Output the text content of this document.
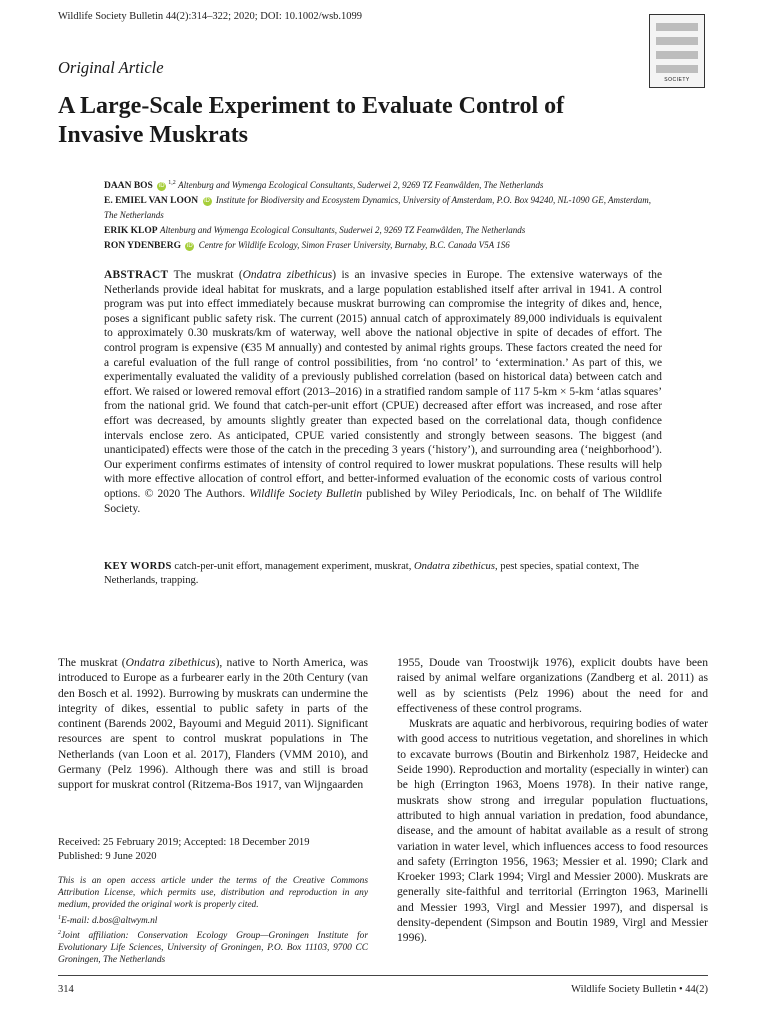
Wildlife Society Bulletin 44(2):314–322; 2020; DOI: 10.1002/wsb.1099
SOCIETY
Original Article
A Large-Scale Experiment to Evaluate Control of Invasive Muskrats

DAAN BOS iD$^{1,2}$ Altenburg and Wymenga Ecological Consultants, Suderwei 2, 9269 TZ Feanwâlden, The Netherlands

E. EMIEL VAN LOON iD Institute for Biodiversity and Ecosystem Dynamics, University of Amsterdam, P.O. Box 94240, NL-1090 GE, Amsterdam, The Netherlands

ERIK KLOP Altenburg and Wymenga Ecological Consultants, Suderwei 2, 9269 TZ Feanwâlden, The Netherlands

RON YDENBERG iD Centre for Wildlife Ecology, Simon Fraser University, Burnaby, B.C. Canada V5A 1S6

ABSTRACT The muskrat (Ondatra zibethicus) is an invasive species in Europe. The extensive waterways of the Netherlands provide ideal habitat for muskrats, and a large population established itself after arrival in 1941. A control program was put into effect immediately because muskrat burrowing can compromise the integrity of dikes and, hence, poses a significant public safety risk. The current (2015) annual catch of approximately 89,000 individuals is equivalent to approximately 0.30 muskrats/km of waterway, well above the national objective in spite of decades of effort. The control program is expensive (€35 M annually) and contested by animal rights groups. These factors created the need for a careful evaluation of the full range of control possibilities, from ‘no control’ to ‘extermination.’ As part of this, we experimentally evaluated the validity of a previously published correlation (based on historical data) between catch and effort. We raised or lowered removal effort (2013–2016) in a stratified random sample of 117 5-km × 5-km ‘atlas squares’ from the national grid. We found that catch-per-unit effort (CPUE) decreased after effort was increased, and rose after effort was decreased, by amounts slightly greater than expected based on the correlational data, though confidence intervals enclose zero. As anticipated, CPUE varied consistently and strongly between seasons. The biggest (and unanticipated) effects were those of the catch in the preceding 3 years (‘history’), and surrounding area (‘neighborhood’). Our experiment confirms estimates of intensity of control required to lower muskrat populations. These results will help with more effective allocation of control effort, and better-informed evaluation of the economic costs of various control options. © 2020 The Authors. Wildlife Society Bulletin published by Wiley Periodicals, Inc. on behalf of The Wildlife Society.
KEY WORDS catch-per-unit effort, management experiment, muskrat, Ondatra zibethicus, pest species, spatial context, The Netherlands, trapping.

The muskrat (Ondatra zibethicus), native to North America, was introduced to Europe as a furbearer early in the 20th Century (van den Bosch et al. 1992). Burrowing by muskrats can undermine the integrity of dikes, essential to public safety in parts of the continent (Barends 2002, Bayoumi and Meguid 2011). Significant resources are spent to control muskrat populations in The Netherlands (van Loon et al. 2017), Flanders (VMM 2010), and Germany (Pelz 1996). Although there was and still is broad support for muskrat control (Ritzema-Bos 1917, van Wijngaarden

Received: 25 February 2019; Accepted: 18 December 2019
Published: 9 June 2020

This is an open access article under the terms of the Creative Commons Attribution License, which permits use, distribution and reproduction in any medium, provided the original work is properly cited.

$^1$E-mail: d.bos@altwym.nl

$^2$Joint affiliation: Conservation Ecology Group—Groningen Institute for Evolutionary Life Sciences, University of Groningen, P.O. Box 11103, 9700 CC Groningen, The Netherlands

1955, Doude van Troostwijk 1976), explicit doubts have been raised by animal welfare organizations (Zandberg et al. 2011) as well as by scientists (Pelz 1996) about the need for and effectiveness of these control programs.

Muskrats are aquatic and herbivorous, requiring bodies of water with good access to nutritious vegetation, and shorelines in which to excavate burrows (Boutin and Birkenholz 1987, Heidecke and Seide 1990). Reproduction and mortality (especially in winter) can be high (Errington 1963, Moens 1978). In their native range, muskrats show strong and irregular population fluctuations, attributed to high annual variation in predation, food abundance, disease, and the amount of habitat available as a result of strong variation in water level, which influences access to food resources and safety (Errington 1956, 1963; Messier et al. 1990; Clark and Kroeker 1993; Clark 1994; Virgl and Messier 2000). Muskrats are generally site-faithful and territorial (Errington 1963, Marinelli and Messier 1993, Virgl and Messier 1997), and dispersal is density-dependent (Simpson and Boutin 1989, Virgl and Messier 1996).

314	Wildlife Society Bulletin • 44(2)
